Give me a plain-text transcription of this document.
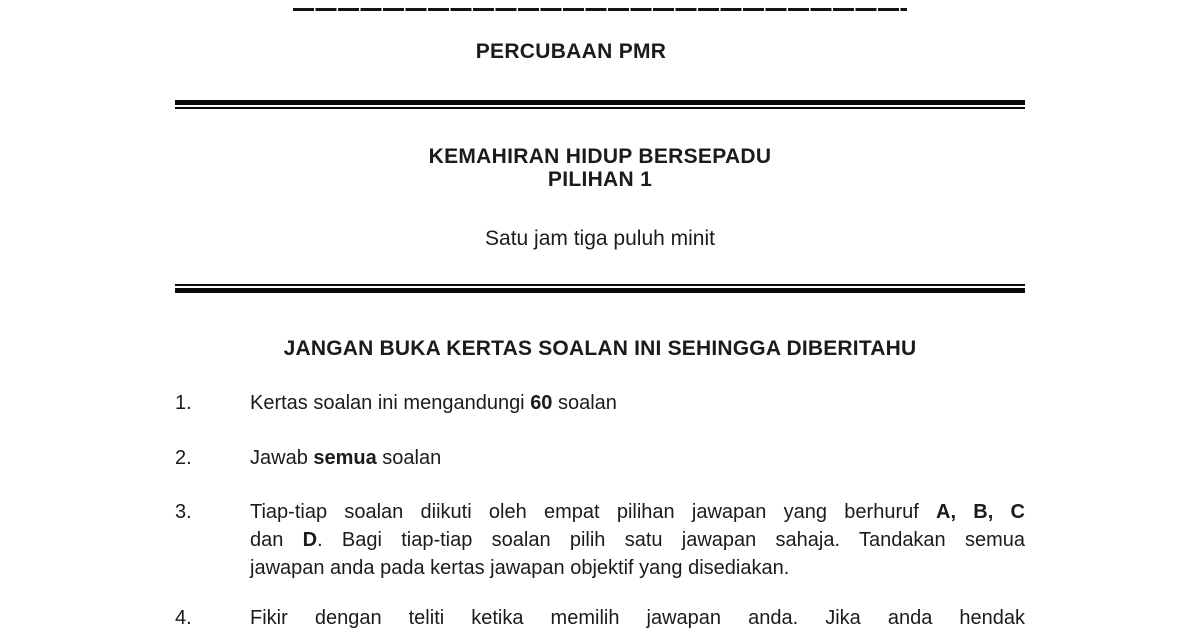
PERCUBAAN PMR
KEMAHIRAN HIDUP BERSEPADU
PILIHAN 1
Satu jam tiga puluh minit
JANGAN BUKA KERTAS SOALAN INI SEHINGGA DIBERITAHU
1.	Kertas soalan ini mengandungi 60 soalan
2.	Jawab semua soalan
3.	Tiap-tiap soalan diikuti oleh empat pilihan jawapan yang berhuruf A, B, C
dan D. Bagi tiap-tiap soalan pilih satu jawapan sahaja. Tandakan semua
jawapan anda pada kertas jawapan objektif yang disediakan.
4.	Fikir dengan teliti ketika memilih jawapan anda. Jika anda hendak
